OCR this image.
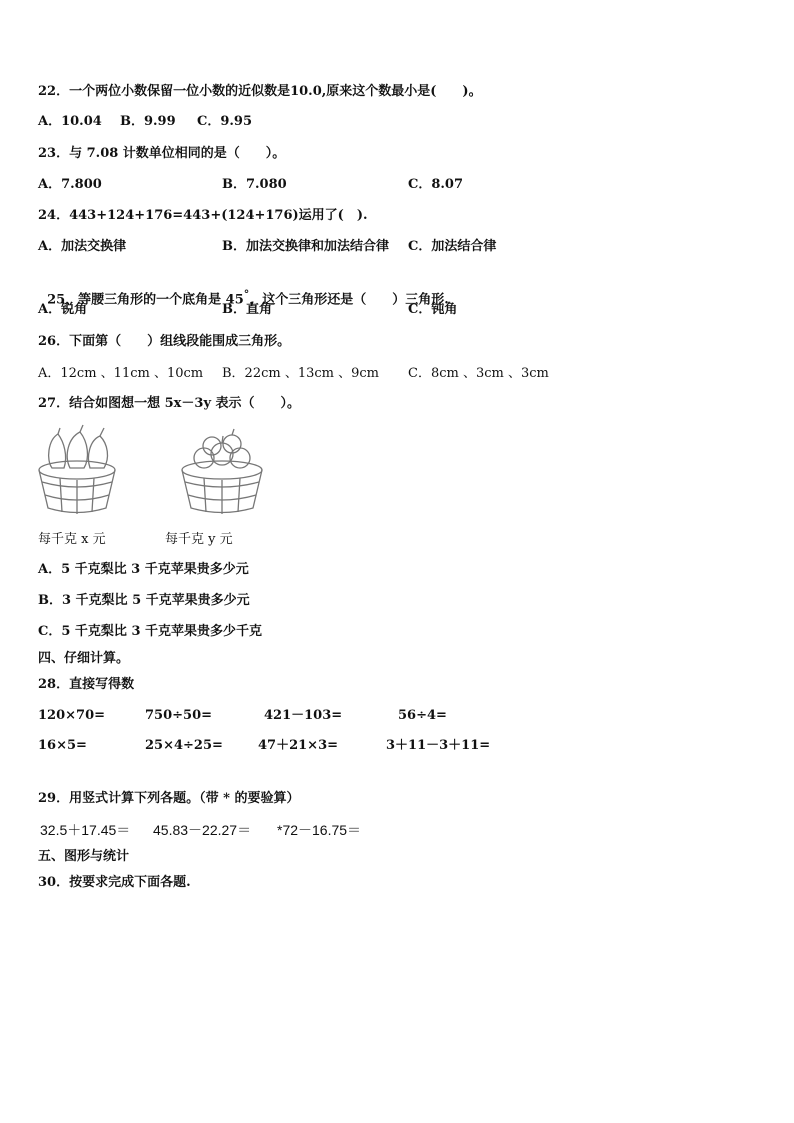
22．一个两位小数保留一位小数的近似数是10.0,原来这个数最小是(　　)。
A．10.04 B．9.99 C．9.95
23．与 7.08 计数单位相同的是（　　）。
A．7.800	B．7.080	C．8.07
24．443+124+176=443+(124+176)运用了(　).
A．加法交换律	B．加法交换律和加法结合律 C．加法结合律

25．等腰三角形的一个底角是 45°，这个三角形还是（　　）三角形.

A．锐角	B．直角	C．钝角
26．下面第（　　）组线段能围成三角形。
A．12cm 、11cm 、10cm B．22cm 、13cm 、9cm C．8cm 、3cm 、3cm
27．结合如图想一想 5x－3y 表示（　　）。
每千克 x 元	每千克 y 元
A．5 千克梨比 3 千克苹果贵多少元
B．3 千克梨比 5 千克苹果贵多少元
C．5 千克梨比 3 千克苹果贵多少千克
四、仔细计算。
28．直接写得数
120×70=	750÷50=	421－103=	56÷4=
16×5=	25×4÷25=	47＋21×3=	3＋11－3＋11=
29．用竖式计算下列各题。（带 * 的要验算）
32.5＋17.45＝ 45.83－22.27＝ *72－16.75＝
五、图形与统计
30．按要求完成下面各题.
